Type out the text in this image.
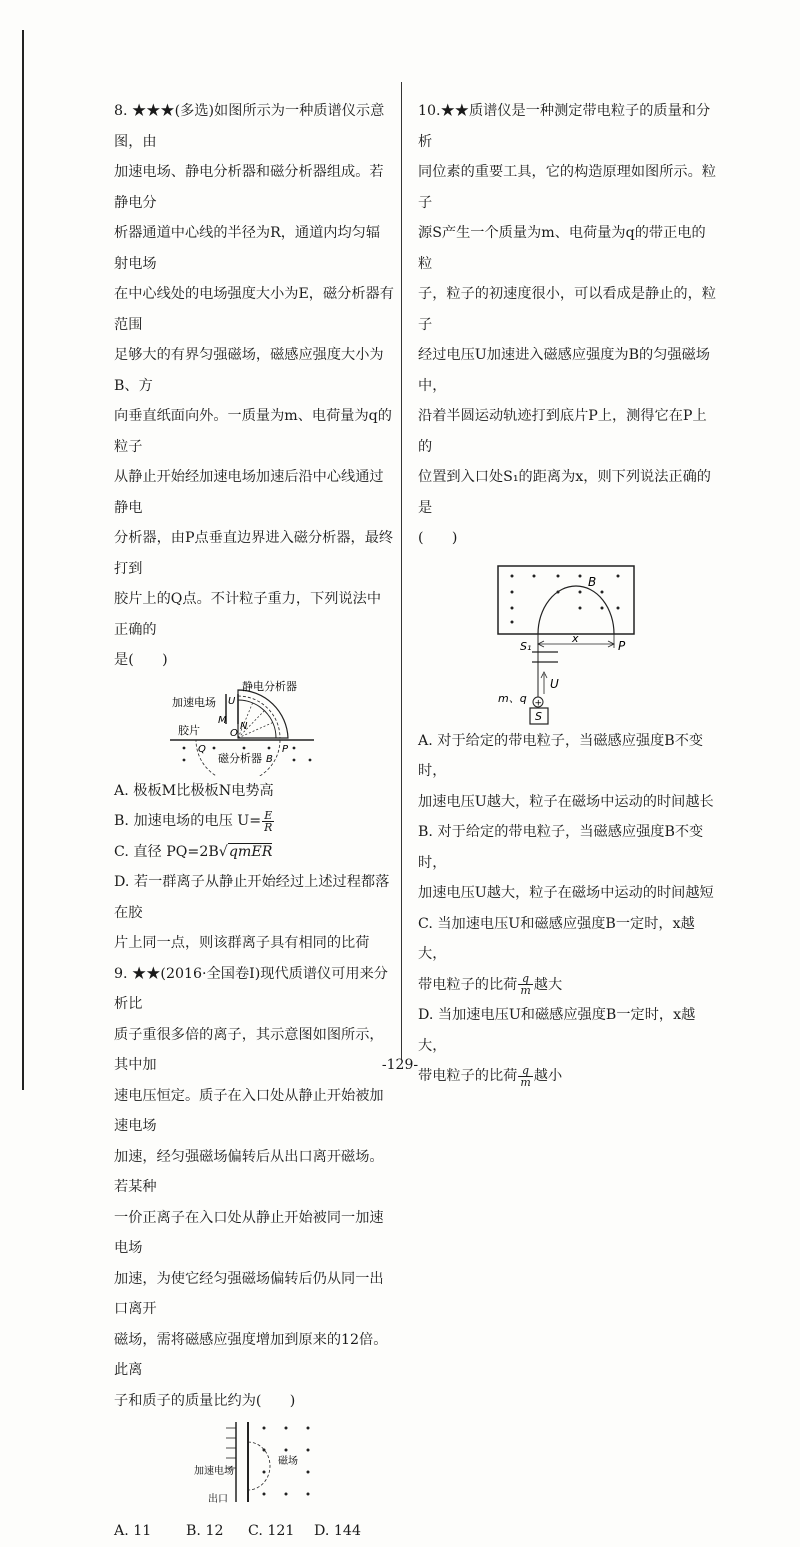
8. ★★★(多选)如图所示为一种质谱仪示意图，由

加速电场、静电分析器和磁分析器组成。若静电分

析器通道中心线的半径为R，通道内均匀辐射电场

在中心线处的电场强度大小为E，磁分析器有范围

足够大的有界匀强磁场，磁感应强度大小为B、方

向垂直纸面向外。一质量为m、电荷量为q的粒子

从静止开始经加速电场加速后沿中心线通过静电

分析器，由P点垂直边界进入磁分析器，最终打到

胶片上的Q点。不计粒子重力，下列说法中正确的

是(　　)

加速电场 U
M
N
静电分析器
胶片	O
Q	P
磁分析器 B

A. 极板M比极板N电势高

B. 加速电场的电压 $U= \frac{E}{R}$

C. 直径 PQ=2B√qmER

D. 若一群离子从静止开始经过上述过程都落在胶

片上同一点，则该群离子具有相同的比荷

9. ★★(2016·全国卷Ⅰ)现代质谱仪可用来分析比

质子重很多倍的离子，其示意图如图所示，其中加

速电压恒定。质子在入口处从静止开始被加速电场

加速，经匀强磁场偏转后从出口离开磁场。若某种

一价正离子在入口处从静止开始被同一加速电场

加速，为使它经匀强磁场偏转后仍从同一出口离开

磁场，需将磁感应强度增加到原来的12倍。此离

子和质子的质量比约为(　　)

加速电场
出口
磁场
A. 11	B. 12	C. 121	D. 144

10.★★质谱仪是一种测定带电粒子的质量和分析

同位素的重要工具，它的构造原理如图所示。粒子

源S产生一个质量为m、电荷量为q的带正电的粒

子，粒子的初速度很小，可以看成是静止的，粒子

经过电压U加速进入磁感应强度为B的匀强磁场中，

沿着半圆运动轨迹打到底片P上，测得它在P上的

位置到入口处S₁的距离为x，则下列说法正确的是

(　　)

B
S₁
x
P
U
m、q +
S

A. 对于给定的带电粒子，当磁感应强度B不变时，

加速电压U越大，粒子在磁场中运动的时间越长

B. 对于给定的带电粒子，当磁感应强度B不变时，

加速电压U越大，粒子在磁场中运动的时间越短

C. 当加速电压U和磁感应强度B一定时，x越大，

带电粒子的比荷 $\frac{q}{m}$ 越大

D. 当加速电压U和磁感应强度B一定时，x越大，

带电粒子的比荷 $\frac{q}{m}$ 越小

-129-
